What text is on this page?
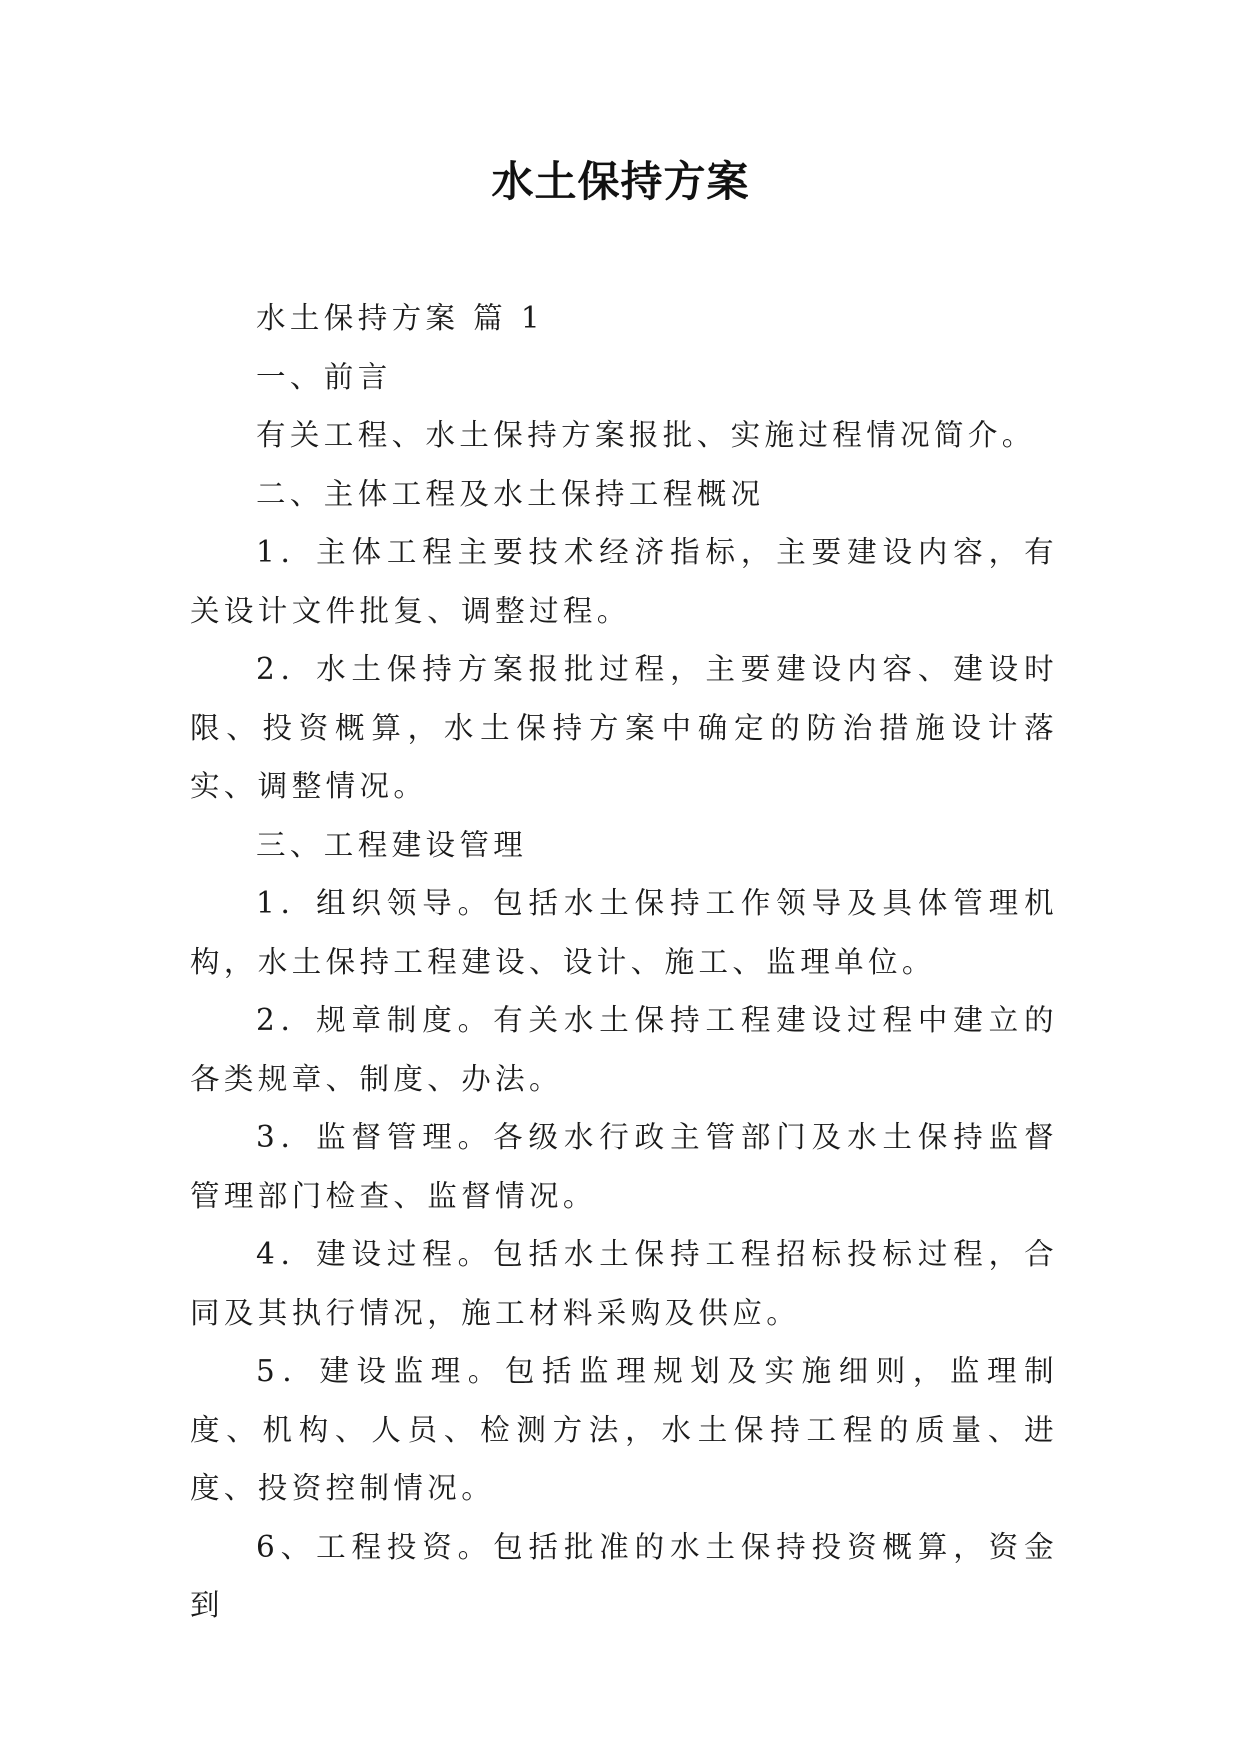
水土保持方案

水土保持方案 篇 1

一、前言

有关工程、水土保持方案报批、实施过程情况简介。

二、主体工程及水土保持工程概况

1．主体工程主要技术经济指标，主要建设内容，有关设计文件批复、调整过程。

2．水土保持方案报批过程，主要建设内容、建设时限、投资概算，水土保持方案中确定的防治措施设计落实、调整情况。

三、工程建设管理

1．组织领导。包括水土保持工作领导及具体管理机构，水土保持工程建设、设计、施工、监理单位。

2．规章制度。有关水土保持工程建设过程中建立的各类规章、制度、办法。

3．监督管理。各级水行政主管部门及水土保持监督管理部门检查、监督情况。

4．建设过程。包括水土保持工程招标投标过程，合同及其执行情况，施工材料采购及供应。

5．建设监理。包括监理规划及实施细则，监理制度、机构、人员、检测方法，水土保持工程的质量、进度、投资控制情况。

6、工程投资。包括批准的水土保持投资概算，资金到
